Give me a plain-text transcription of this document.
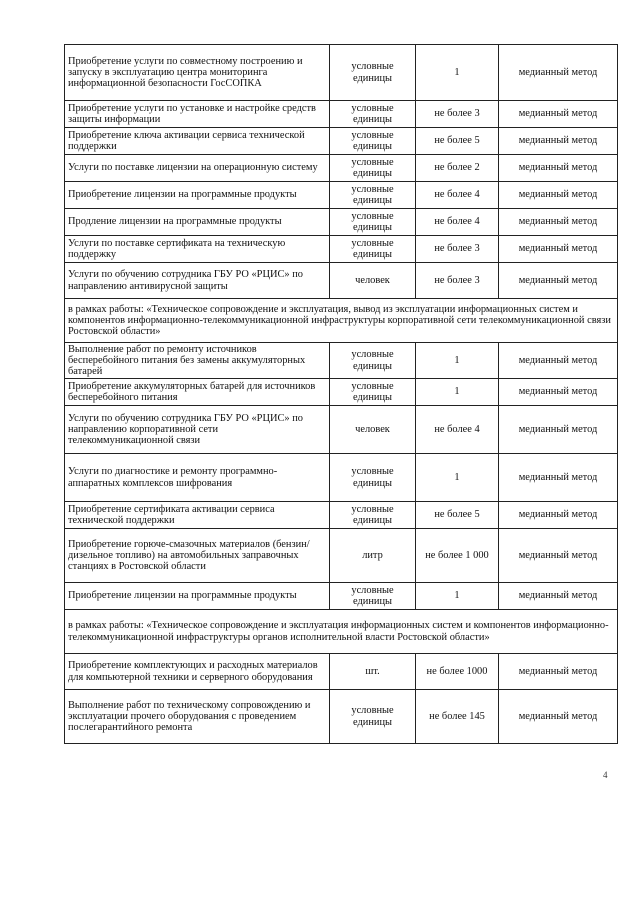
Приобретение услуги по совместному построению и запуску в эксплуатацию центра мониторинга информационной безопасности ГосСОПКА	условные единицы	1	медианный метод
Приобретение услуги по установке и настройке средств защиты информации	условные единицы	не более 3	медианный метод
Приобретение ключа активации сервиса технической поддержки	условные единицы	не более 5	медианный метод
Услуги по поставке лицензии на операционную систему	условные единицы	не более 2	медианный метод
Приобретение лицензии на программные продукты	условные единицы	не более 4	медианный метод
Продление лицензии на программные продукты	условные единицы	не более 4	медианный метод
Услуги по поставке сертификата на техническую поддержку	условные единицы	не более 3	медианный метод
Услуги по обучению сотрудника ГБУ РО «РЦИС» по направлению антивирусной защиты	человек	не более 3	медианный метод
в рамках работы: «Техническое сопровождение и эксплуатация, вывод из эксплуатации информационных систем и компонентов информационно-телекоммуникационной инфраструктуры корпоративной сети телекоммуникационной связи Ростовской области»			
Выполнение работ по ремонту источников бесперебойного питания без замены аккумуляторных батарей	условные единицы	1	медианный метод
Приобретение аккумуляторных батарей для источников бесперебойного питания	условные единицы	1	медианный метод
Услуги по обучению сотрудника ГБУ РО «РЦИС» по направлению корпоративной сети телекоммуникационной связи	человек	не более 4	медианный метод
Услуги по диагностике и ремонту программно-аппаратных комплексов шифрования	условные единицы	1	медианный метод
Приобретение сертификата активации сервиса технической поддержки	условные единицы	не более 5	медианный метод
Приобретение горюче-смазочных материалов (бензин/дизельное топливо) на автомобильных заправочных станциях в Ростовской области	литр	не более 1 000	медианный метод
Приобретение лицензии на программные продукты	условные единицы	1	медианный метод
в рамках работы: «Техническое сопровождение и эксплуатация информационных систем и компонентов информационно-телекоммуникационной инфраструктуры органов исполнительной власти Ростовской области»			
Приобретение комплектующих и расходных материалов для компьютерной техники и серверного оборудования	шт.	не более 1000	медианный метод
Выполнение работ по техническому сопровождению и эксплуатации прочего оборудования с проведением послегарантийного ремонта	условные единицы	не более 145	медианный метод
4
